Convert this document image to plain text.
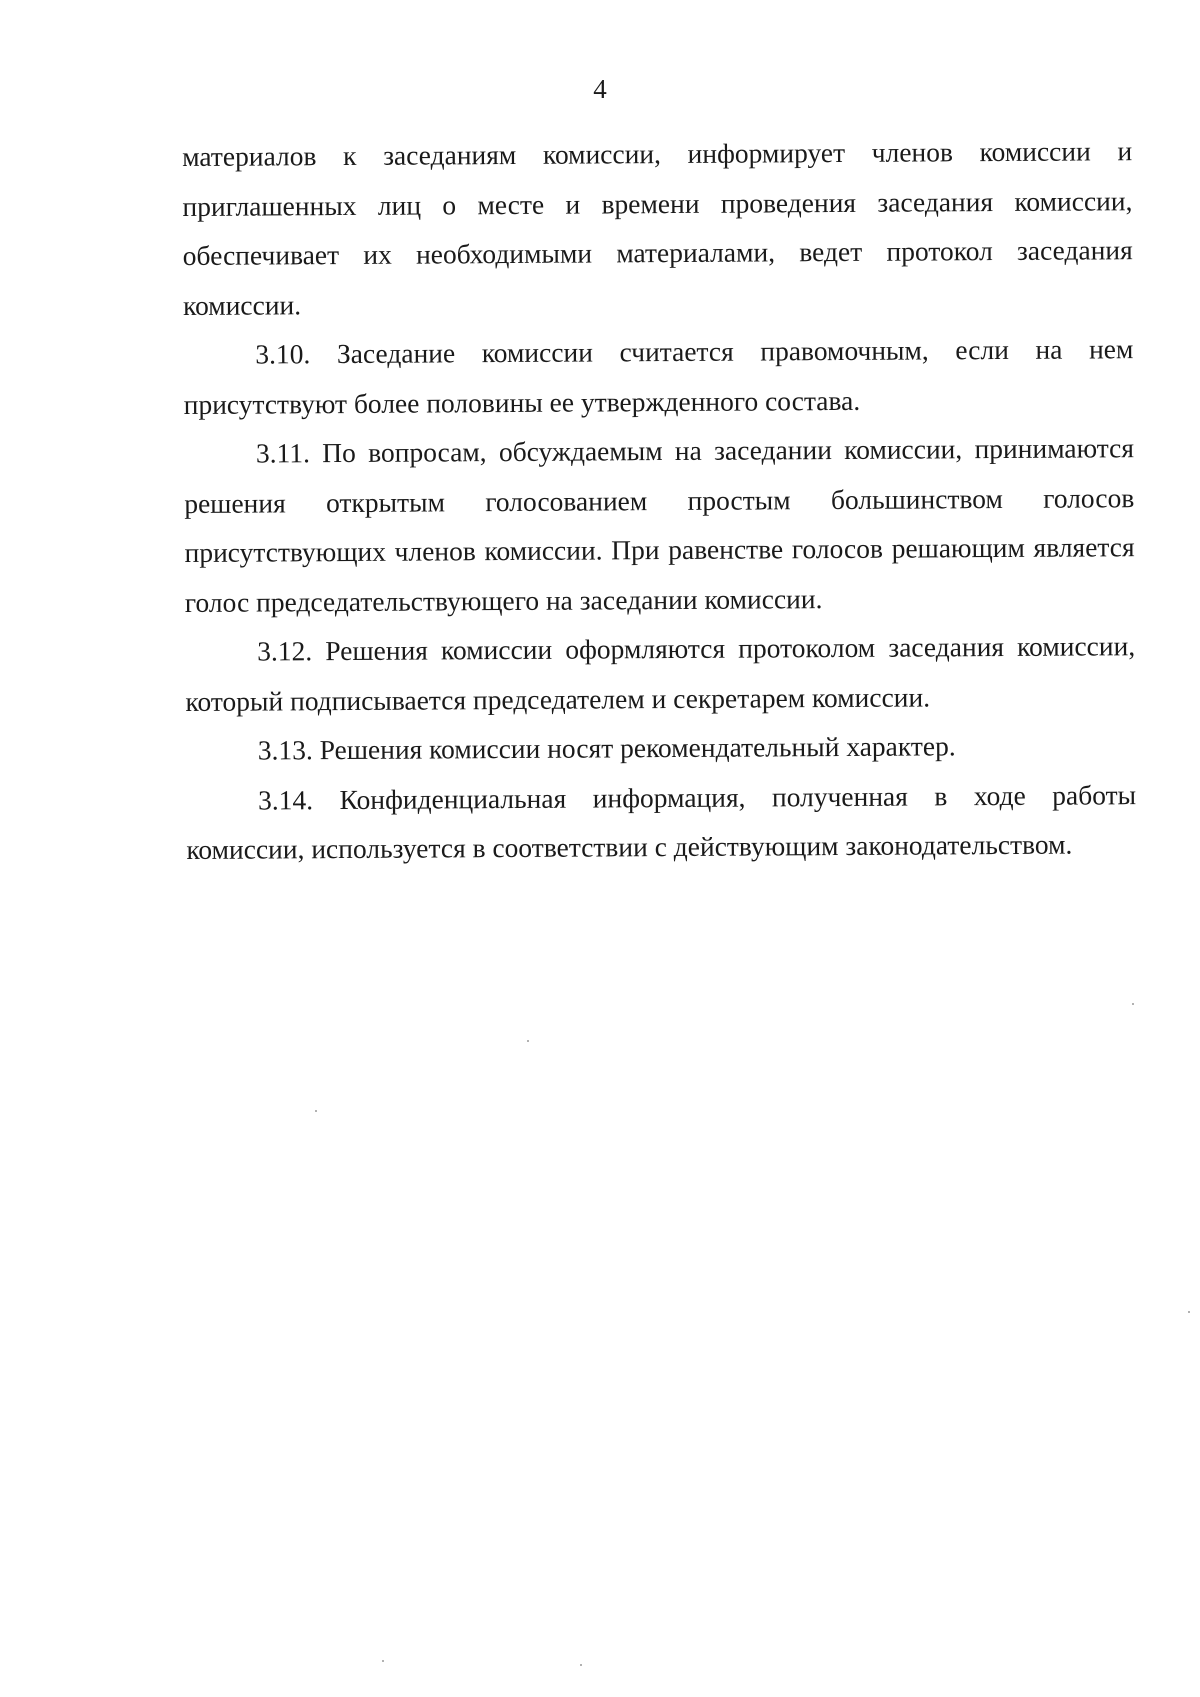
4

материалов к заседаниям комиссии, информирует членов комиссии и приглашенных лиц о месте и времени проведения заседания комиссии, обеспечивает их необходимыми материалами, ведет протокол заседания комиссии.

3.10. Заседание комиссии считается правомочным, если на нем присутствуют более половины ее утвержденного состава.

3.11. По вопросам, обсуждаемым на заседании комиссии, принимаются решения открытым голосованием простым большинством голосов присутствующих членов комиссии. При равенстве голосов решающим является голос председательствующего на заседании комиссии.

3.12. Решения комиссии оформляются протоколом заседания комиссии, который подписывается председателем и секретарем комиссии.

3.13. Решения комиссии носят рекомендательный характер.

3.14. Конфиденциальная информация, полученная в ходе работы комиссии, используется в соответствии с действующим законодательством.
